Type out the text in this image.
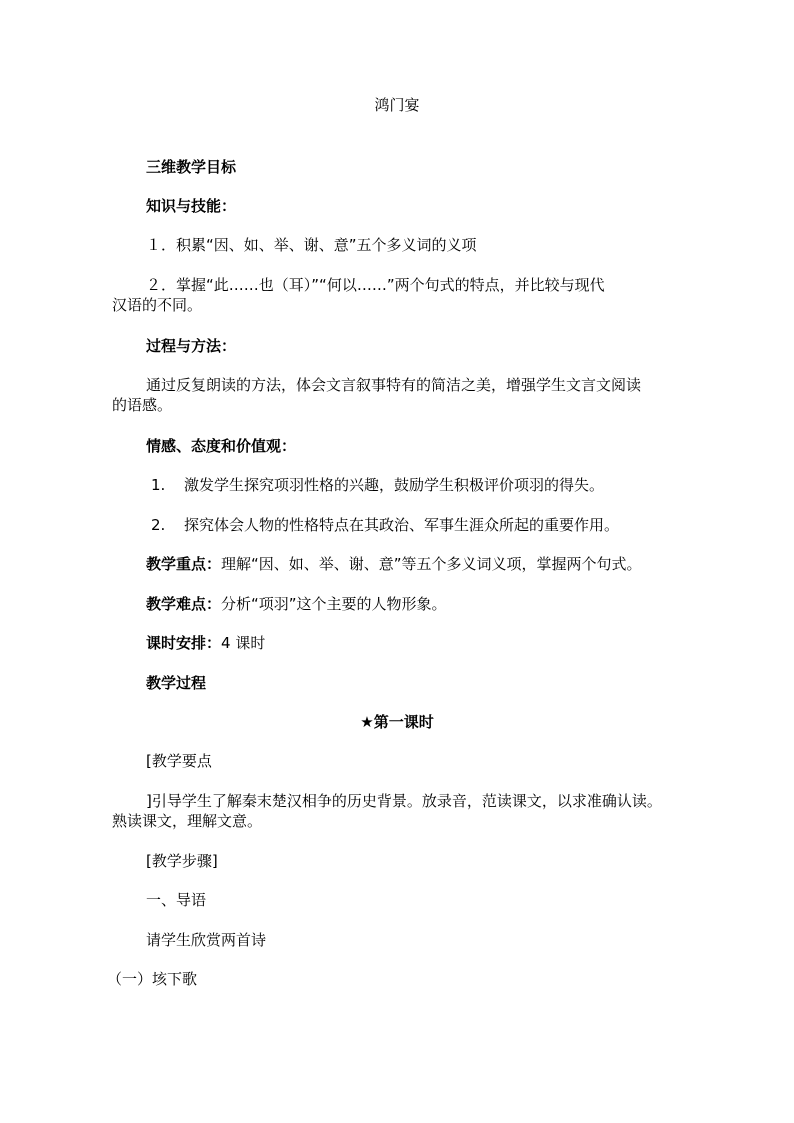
鸿门宴
三维教学目标
知识与技能：
１．积累“因、如、举、谢、意”五个多义词的义项
２．掌握“此……也（耳）”“何以……”两个句式的特点，并比较与现代
汉语的不同。
过程与方法：
通过反复朗读的方法，体会文言叙事特有的简洁之美，增强学生文言文阅读
的语感。
情感、态度和价值观：
1. 激发学生探究项羽性格的兴趣，鼓励学生积极评价项羽的得失。
2. 探究体会人物的性格特点在其政治、军事生涯众所起的重要作用。
教学重点：理解“因、如、举、谢、意”等五个多义词义项，掌握两个句式。
教学难点：分析“项羽”这个主要的人物形象。
课时安排：4 课时
教学过程
★第一课时
[教学要点
]引导学生了解秦末楚汉相争的历史背景。放录音，范读课文，以求准确认读。
熟读课文，理解文意。
[教学步骤]
一、导语
请学生欣赏两首诗
（一）垓下歌
